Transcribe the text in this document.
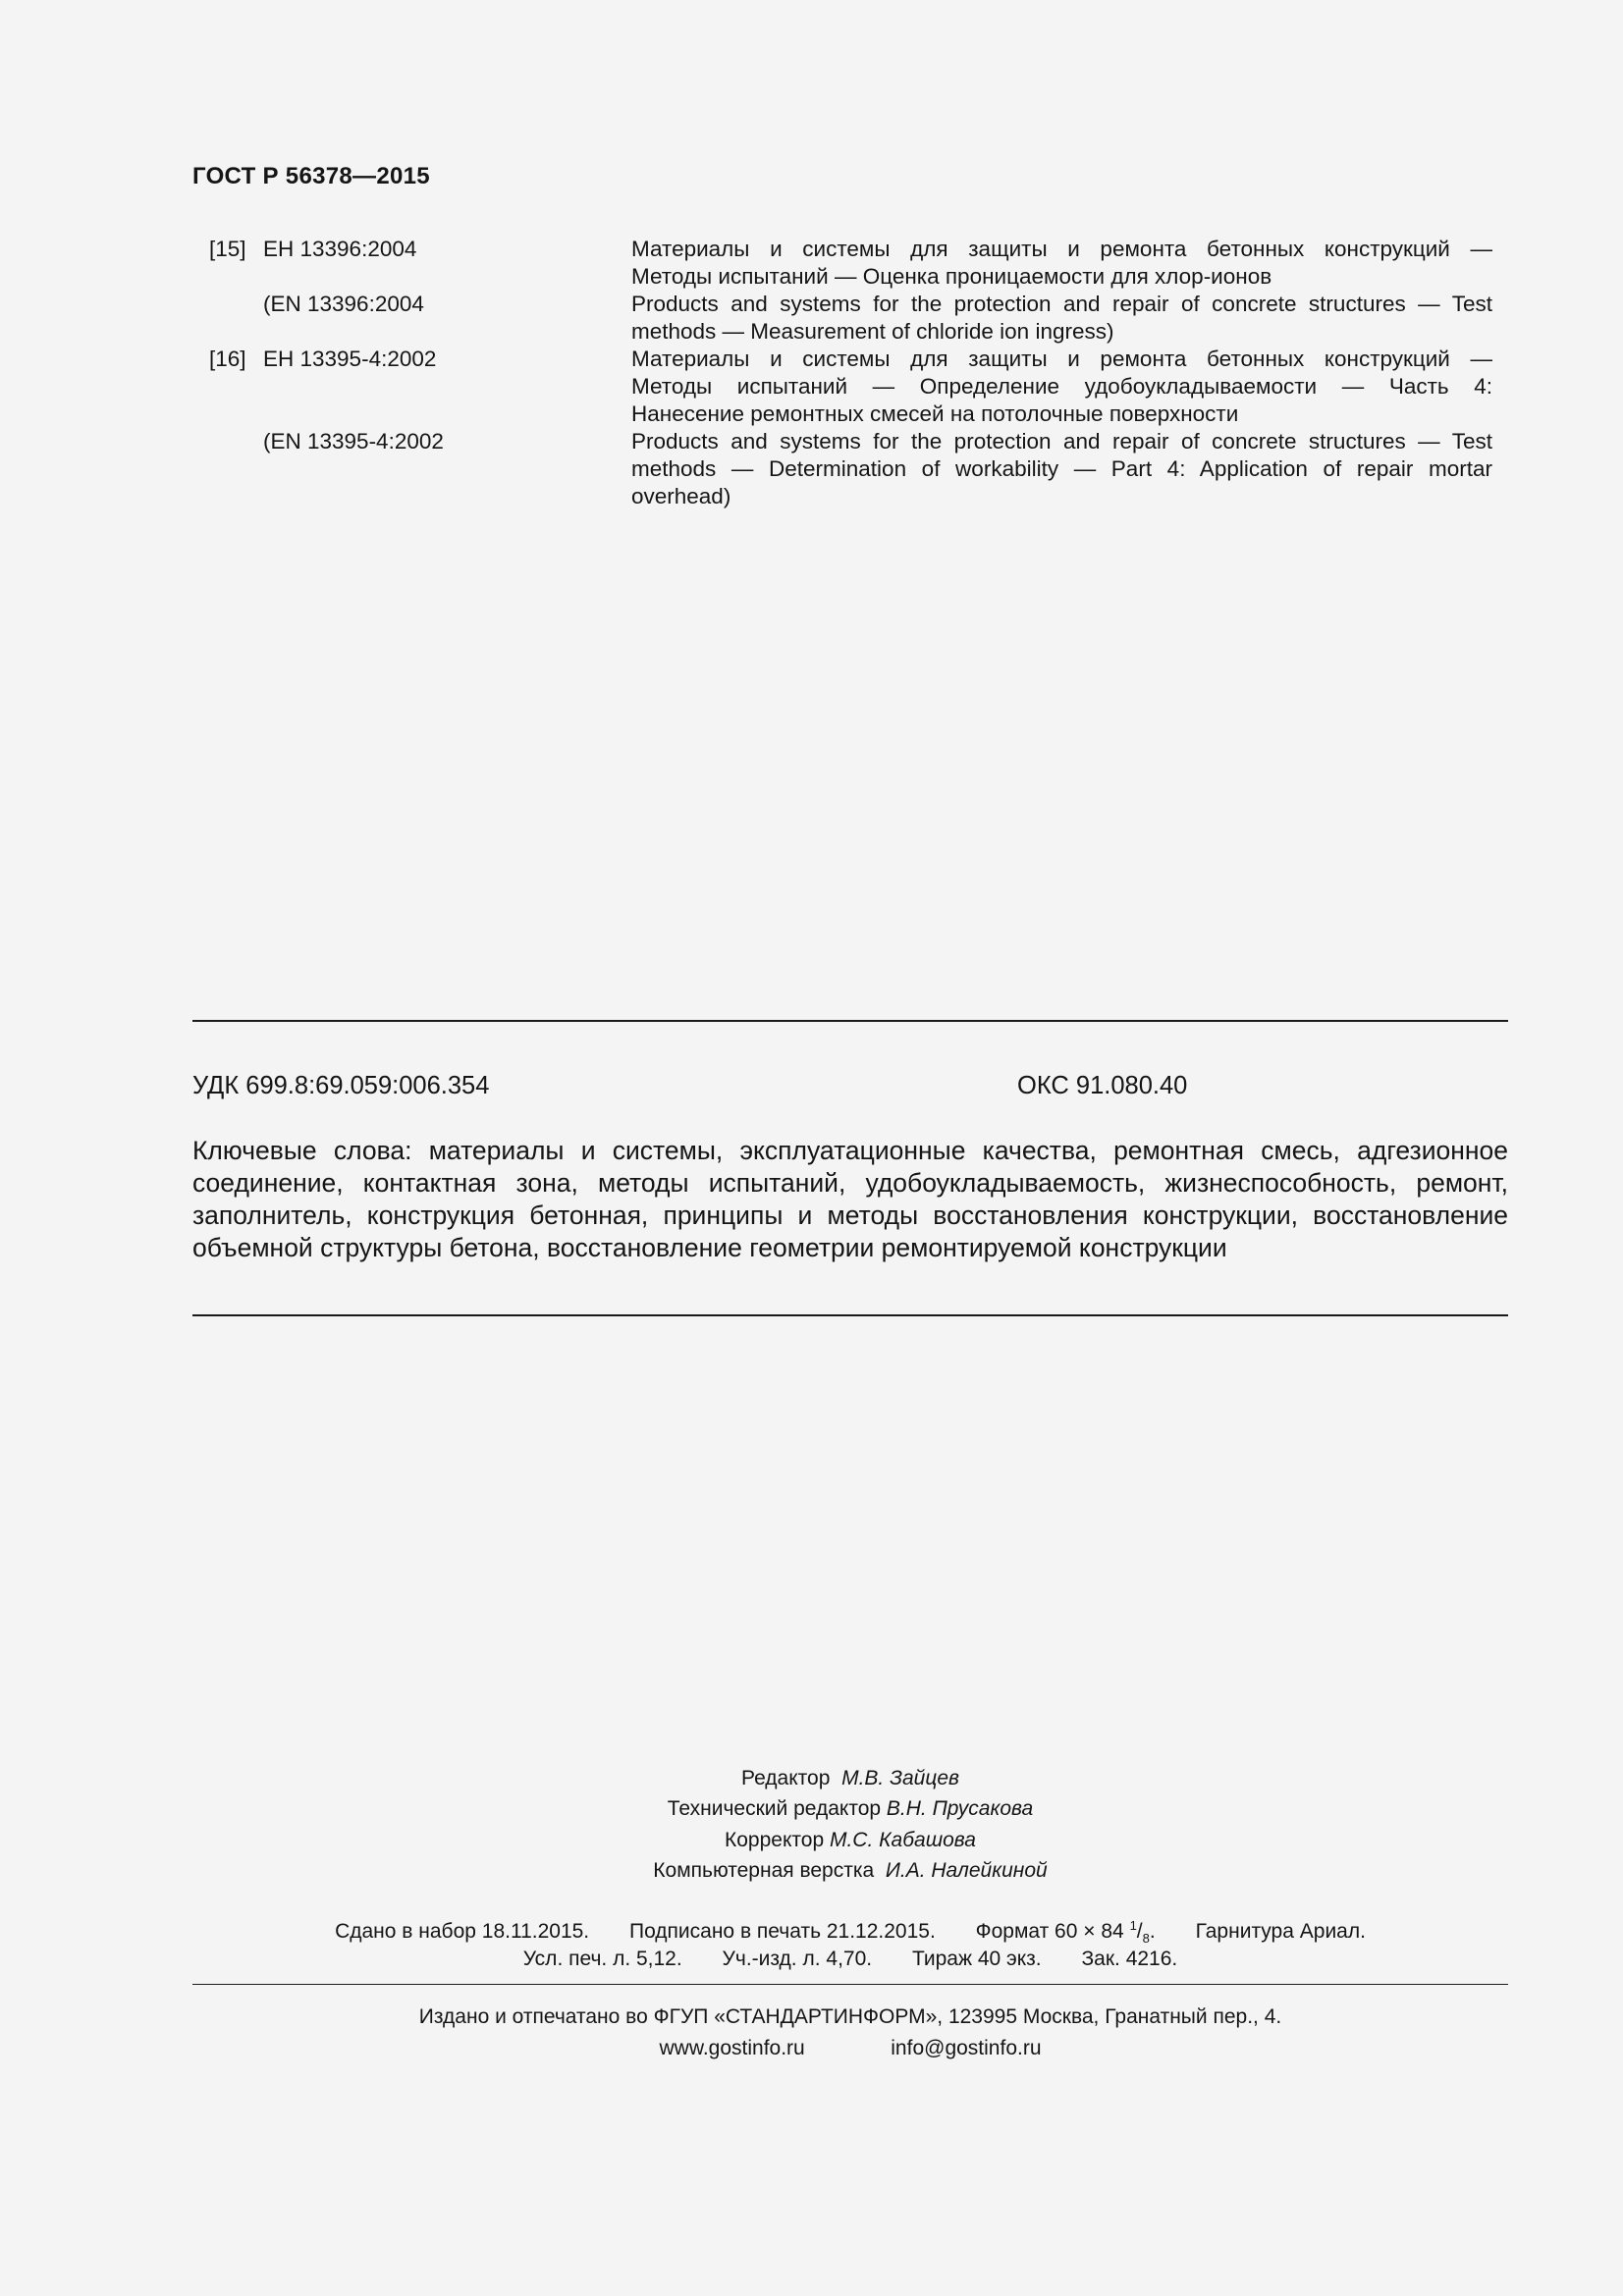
ГОСТ Р 56378—2015
[15] ЕН 13396:2004	Материалы и системы для защиты и ремонта бетонных конструкций —
Методы испытаний — Оценка проницаемости для хлор-ионов
(EN 13396:2004	Products and systems for the protection and repair of concrete structures — Test
methods — Measurement of chloride ion ingress)
[16] ЕН 13395-4:2002	Материалы и системы для защиты и ремонта бетонных конструкций —
Методы испытаний — Определение удобоукладываемости — Часть 4:
Нанесение ремонтных смесей на потолочные поверхности
(EN 13395-4:2002	Products and systems for the protection and repair of concrete structures — Test
methods — Determination of workability — Part 4: Application of repair mortar
overhead)
УДК 699.8:69.059:006.354	ОКС 91.080.40
Ключевые слова: материалы и системы, эксплуатационные качества, ремонтная смесь, адгезионное
соединение, контактная зона, методы испытаний, удобоукладываемость, жизнеспособность, ремонт,
заполнитель, конструкция бетонная, принципы и методы восстановления конструкции, восстановление
объемной структуры бетона, восстановление геометрии ремонтируемой конструкции
Редактор М.В. Зайцев
Технический редактор В.Н. Прусакова
Корректор М.С. Кабашова
Компьютерная верстка И.А. Налейкиной
Сдано в набор 18.11.2015. Подписано в печать 21.12.2015. Формат 60 × 84 $^1/_8$. Гарнитура Ариал.
Усл. печ. л. 5,12. Уч.-изд. л. 4,70. Тираж 40 экз. Зак. 4216.
Издано и отпечатано во ФГУП «СТАНДАРТИНФОРМ», 123995 Москва, Гранатный пер., 4.
www.gostinfo.ru	info@gostinfo.ru
